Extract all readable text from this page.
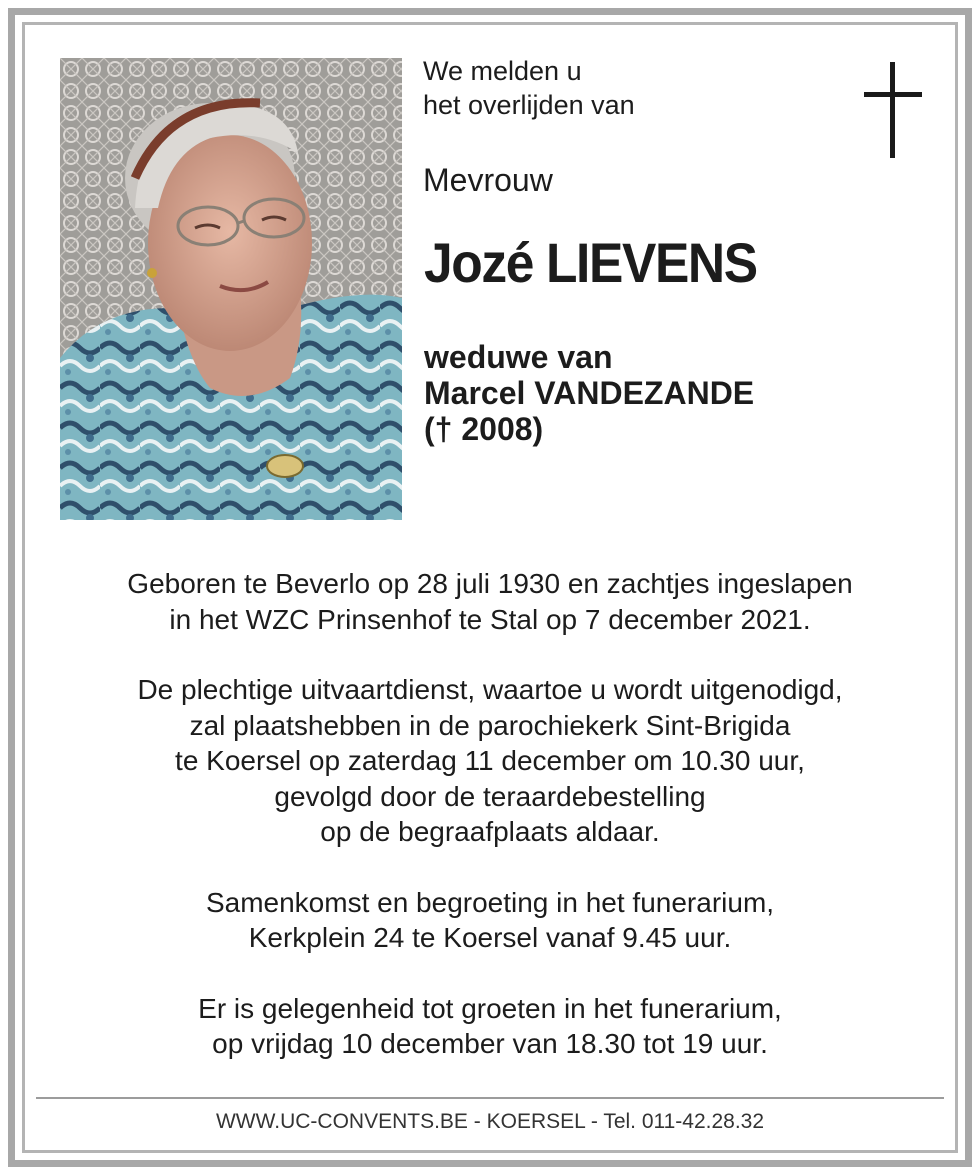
We melden u
het overlijden van
Mevrouw
Jozé LIEVENS
weduwe van
Marcel VANDEZANDE
(† 2008)
Geboren te Beverlo op 28 juli 1930 en zachtjes ingeslapen
in het WZC Prinsenhof te Stal op 7 december 2021.
De plechtige uitvaartdienst, waartoe u wordt uitgenodigd,
zal plaatshebben in de parochiekerk Sint-Brigida
te Koersel op zaterdag 11 december om 10.30 uur,
gevolgd door de teraardebestelling
op de begraafplaats aldaar.
Samenkomst en begroeting in het funerarium,
Kerkplein 24 te Koersel vanaf 9.45 uur.
Er is gelegenheid tot groeten in het funerarium,
op vrijdag 10 december van 18.30 tot 19 uur.
WWW.UC-CONVENTS.BE - KOERSEL - Tel. 011-42.28.32
